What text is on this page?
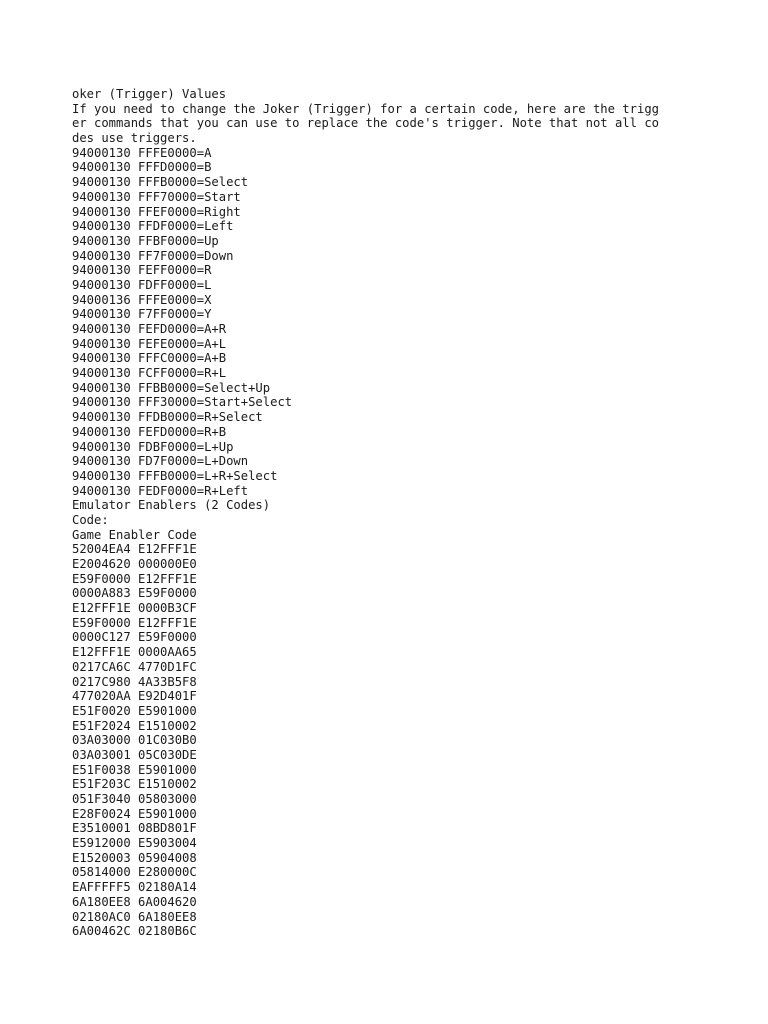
oker (Trigger) Values
If you need to change the Joker (Trigger) for a certain code, here are the trigg
er commands that you can use to replace the code's trigger. Note that not all co
des use triggers.
94000130 FFFE0000=A
94000130 FFFD0000=B
94000130 FFFB0000=Select
94000130 FFF70000=Start
94000130 FFEF0000=Right
94000130 FFDF0000=Left
94000130 FFBF0000=Up
94000130 FF7F0000=Down
94000130 FEFF0000=R
94000130 FDFF0000=L
94000136 FFFE0000=X
94000130 F7FF0000=Y
94000130 FEFD0000=A+R
94000130 FEFE0000=A+L
94000130 FFFC0000=A+B
94000130 FCFF0000=R+L
94000130 FFBB0000=Select+Up
94000130 FFF30000=Start+Select
94000130 FFDB0000=R+Select
94000130 FEFD0000=R+B
94000130 FDBF0000=L+Up
94000130 FD7F0000=L+Down
94000130 FFFB0000=L+R+Select
94000130 FEDF0000=R+Left
Emulator Enablers (2 Codes)
Code:
Game Enabler Code
52004EA4 E12FFF1E
E2004620 000000E0
E59F0000 E12FFF1E
0000A883 E59F0000
E12FFF1E 0000B3CF
E59F0000 E12FFF1E
0000C127 E59F0000
E12FFF1E 0000AA65
0217CA6C 4770D1FC
0217C980 4A33B5F8
477020AA E92D401F
E51F0020 E5901000
E51F2024 E1510002
03A03000 01C030B0
03A03001 05C030DE
E51F0038 E5901000
E51F203C E1510002
051F3040 05803000
E28F0024 E5901000
E3510001 08BD801F
E5912000 E5903004
E1520003 05904008
05814000 E280000C
EAFFFFF5 02180A14
6A180EE8 6A004620
02180AC0 6A180EE8
6A00462C 02180B6C
